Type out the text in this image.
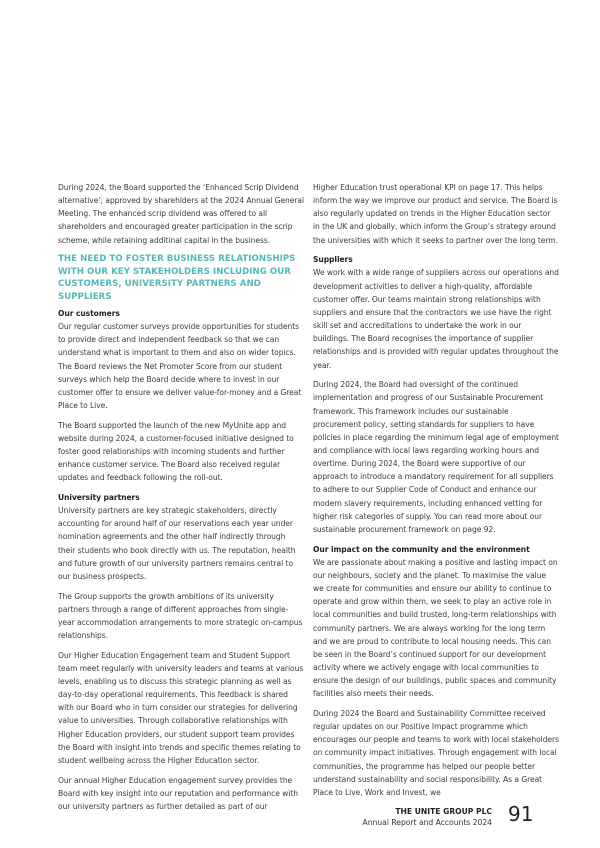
During 2024, the Board supported the ‘Enhanced Scrip Dividend alternative’, approved by sharehlders at the 2024 Annual General Meeting. The enhanced scrip dividend was offered to all shareholders and encouraged greater participation in the scrip scheme, while retaining additinal capital in the business.

THE NEED TO FOSTER BUSINESS RELATIONSHIPS WITH OUR KEY STAKEHOLDERS INCLUDING OUR CUSTOMERS, UNIVERSITY PARTNERS AND SUPPLIERS
Our customers

Our regular customer surveys provide opportunities for students to provide direct and independent feedback so that we can understand what is important to them and also on wider topics. The Board reviews the Net Promoter Score from our student surveys which help the Board decide where to invest in our customer offer to ensure we deliver value-for-money and a Great Place to Live.

The Board supported the launch of the new MyUnite app and website during 2024, a customer-focused initiative designed to foster good relationships with incoming students and further enhance customer service. The Board also received regular updates and feedback following the roll-out.

University partners

University partners are key strategic stakeholders, directly accounting for around half of our reservations each year under nomination agreements and the other half indirectly through their students who book directly with us. The reputation, health and future growth of our university partners remains central to our business prospects.

The Group supports the growth ambitions of its university partners through a range of different approaches from single-year accommodation arrangements to more strategic on-campus relationships.

Our Higher Education Engagement team and Student Support team meet regularly with university leaders and teams at various levels, enabling us to discuss this strategic planning as well as day-to-day operational requirements. This feedback is shared with our Board who in turn consider our strategies for delivering value to universities. Through collaborative relationships with Higher Education providers, our student support team provides the Board with insight into trends and specific themes relating to student wellbeing across the Higher Education sector.

Our annual Higher Education engagement survey provides the Board with key insight into our reputation and performance with our university partners as further detailed as part of our

Higher Education trust operational KPI on page 17. This helps inform the way we improve our product and service. The Board is also regularly updated on trends in the Higher Education sector in the UK and globally, which inform the Group’s strategy around the universities with which it seeks to partner over the long term.

Suppliers

We work with a wide range of suppliers across our operations and development activities to deliver a high-quality, affordable customer offer. Our teams maintain strong relationships with suppliers and ensure that the contractors we use have the right skill set and accreditations to undertake the work in our buildings. The Board recognises the importance of supplier relationships and is provided with regular updates throughout the year.

During 2024, the Board had oversight of the continued implementation and progress of our Sustainable Procurement framework. This framework includes our sustainable procurement policy, setting standards for suppliers to have policies in place regarding the minimum legal age of employment and compliance with local laws regarding working hours and overtime. During 2024, the Board were supportive of our approach to introduce a mandatory requirement for all suppliers to adhere to our Supplier Code of Conduct and enhance our modern slavery requirements, including enhanced vetting for higher risk categories of supply. You can read more about our sustainable procurement framework on page 92.

Our impact on the community and the environment

We are passionate about making a positive and lasting impact on our neighbours, society and the planet. To maximise the value we create for communities and ensure our ability to continue to operate and grow within them, we seek to play an active role in local communities and build trusted, long-term relationships with community partners. We are always working for the long term and we are proud to contribute to local housing needs. This can be seen in the Board’s continued support for our development activity where we actively engage with local communities to ensure the design of our buildings, public spaces and community facilities also meets their needs.

During 2024 the Board and Sustainability Committee received regular updates on our Positive Impact programme which encourages our people and teams to work with local stakeholders on community impact initiatives. Through engagement with local communities, the programme has helped our people better understand sustainability and social responsibility. As a Great Place to Live, Work and Invest, we

THE UNITE GROUP PLC
Annual Report and Accounts 2024 91
